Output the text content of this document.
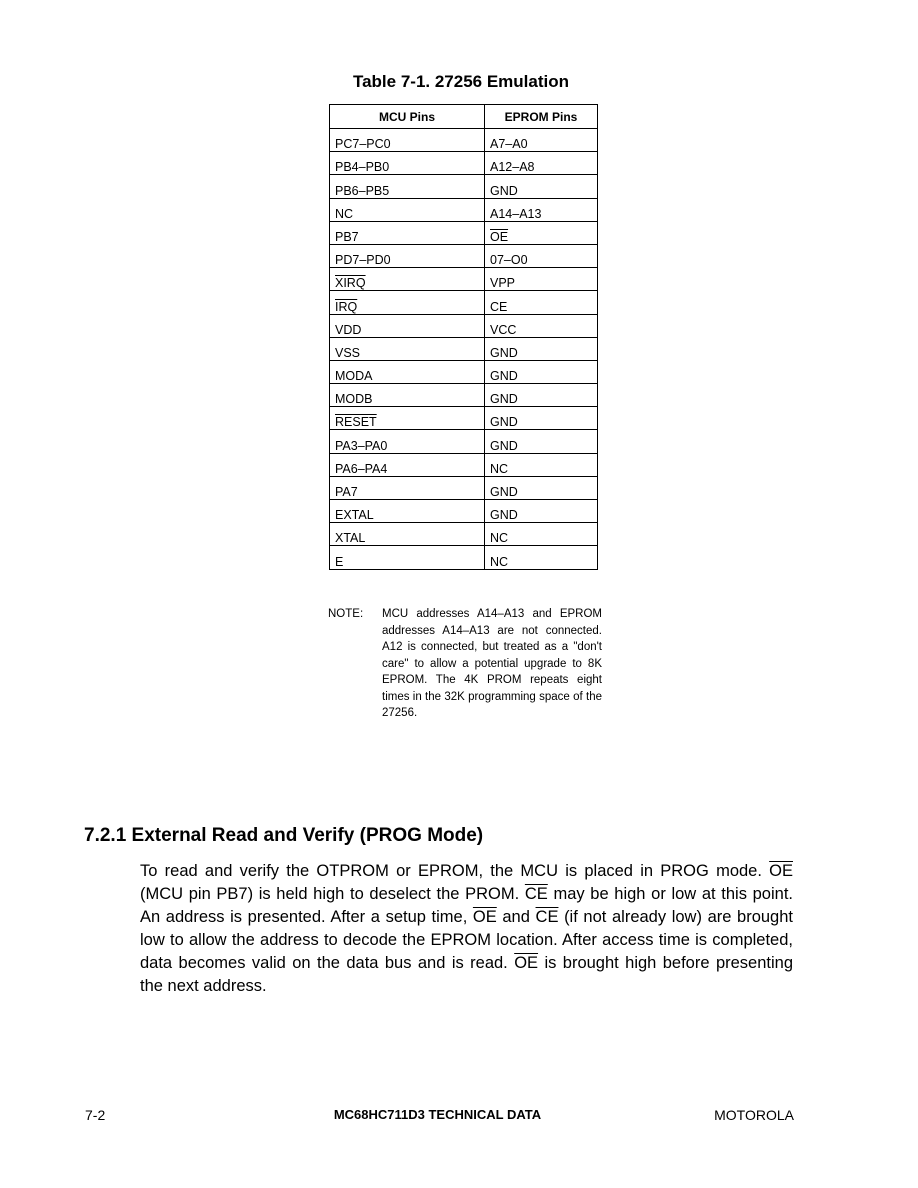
Table 7-1. 27256 Emulation
MCU Pins	EPROM Pins
PC7–PC0	A7–A0
PB4–PB0	A12–A8
PB6–PB5	GND
NC	A14–A13
PB7	$\overline{OE}$
PD7–PD0	07–O0
XIRQ	VPP
$\overline{IRQ}$	CE
VDD	VCC
VSS	GND
MODA	GND
MODB	GND
RESET	GND
PA3–PA0	GND
PA6–PA4	NC
PA7	GND
EXTAL	GND
XTAL	NC
E	NC
NOTE: MCU addresses A14–A13 and EPROM addresses A14–A13 are not connected. A12 is connected, but treated as a "don't care" to allow a potential upgrade to 8K EPROM. The 4K PROM repeats eight times in the 32K programming space of the 27256.
7.2.1 External Read and Verify (PROG Mode)
To read and verify the OTPROM or EPROM, the MCU is placed in PROG mode. $\overline{OE}$ (MCU pin PB7) is held high to deselect the PROM. $\overline{CE}$ may be high or low at this point. An address is presented. After a setup time, $\overline{OE}$ and $\overline{CE}$ (if not already low) are brought low to allow the address to decode the EPROM location. After access time is completed, data becomes valid on the data bus and is read. $\overline{OE}$ is brought high before presenting the next address.
7-2	MC68HC711D3 TECHNICAL DATA	MOTOROLA
